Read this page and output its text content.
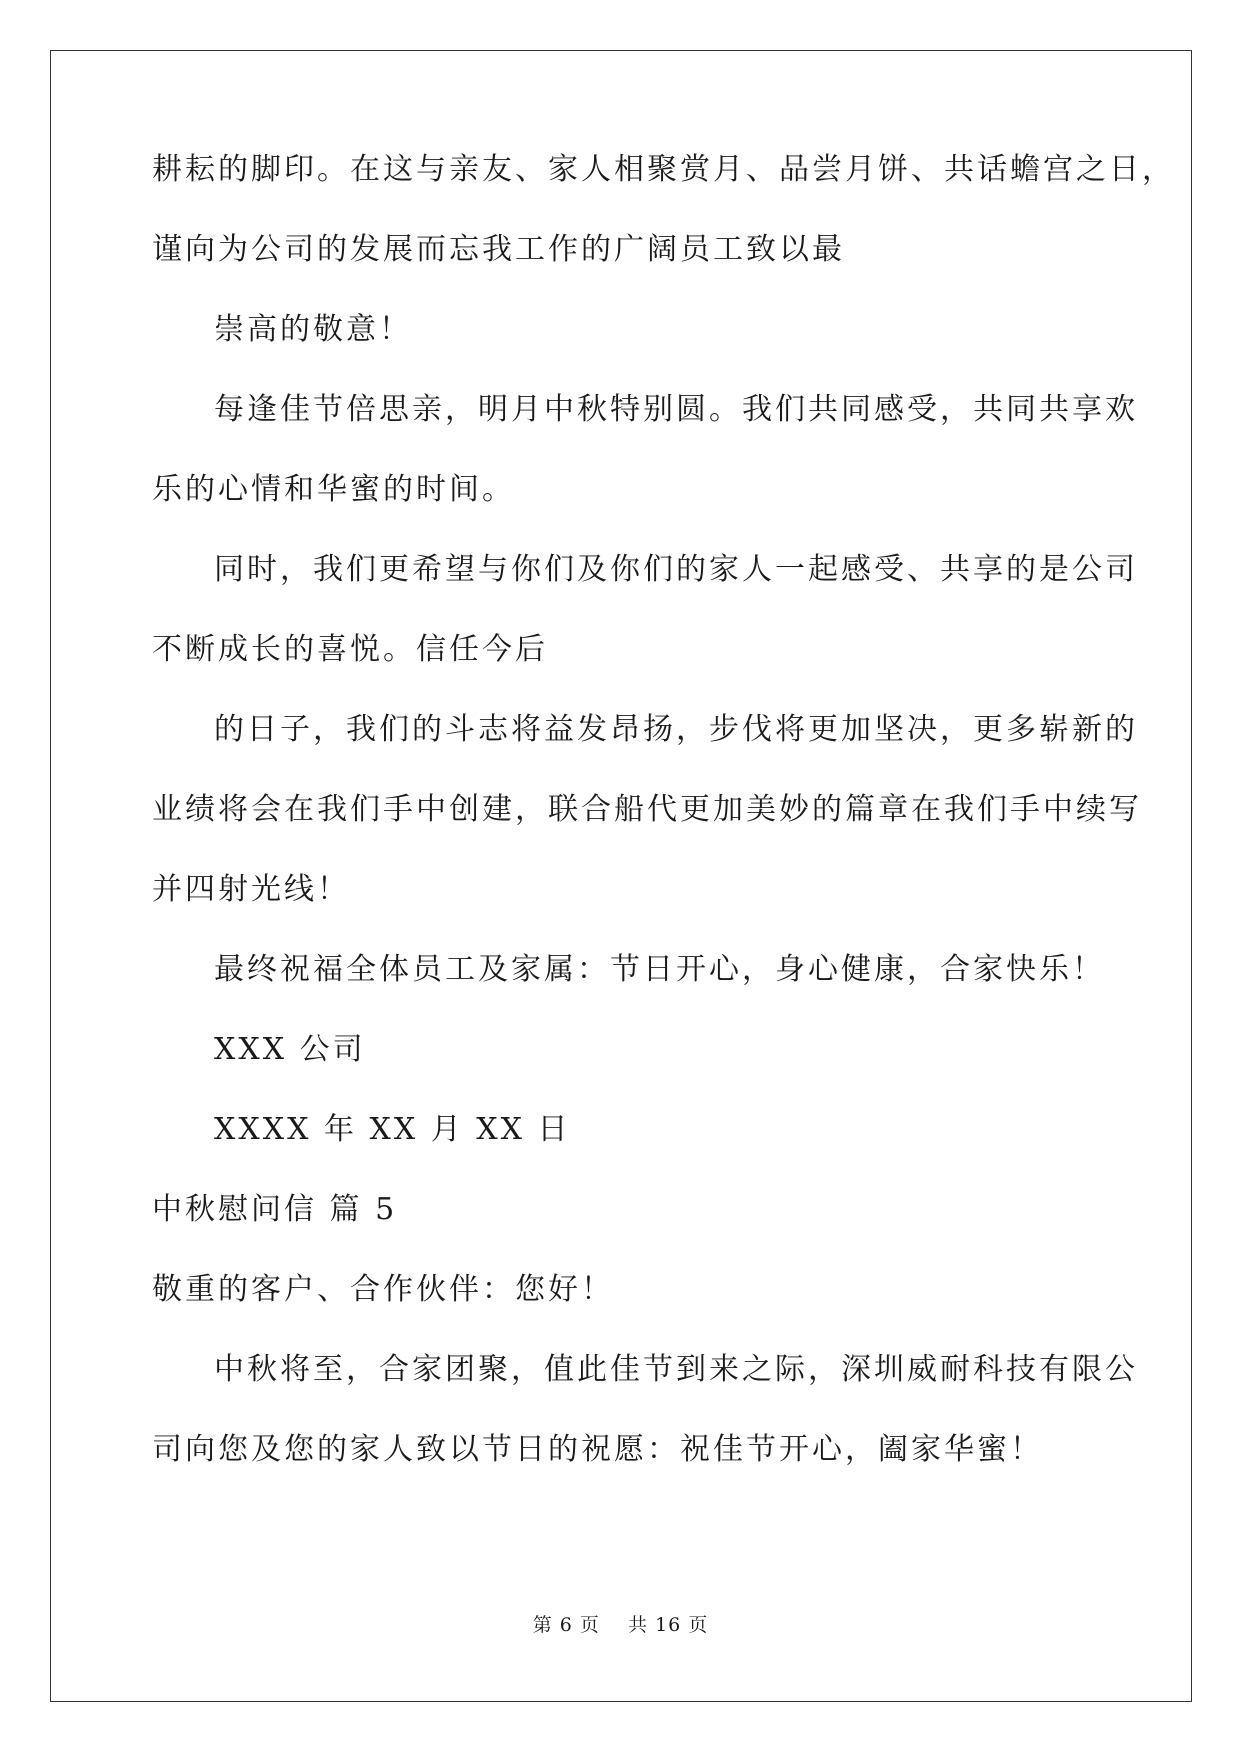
耕耘的脚印。在这与亲友、家人相聚赏月、品尝月饼、共话蟾宫之日，

谨向为公司的发展而忘我工作的广阔员工致以最

崇高的敬意！

每逢佳节倍思亲，明月中秋特别圆。我们共同感受，共同共享欢

乐的心情和华蜜的时间。

同时，我们更希望与你们及你们的家人一起感受、共享的是公司

不断成长的喜悦。信任今后

的日子，我们的斗志将益发昂扬，步伐将更加坚决，更多崭新的

业绩将会在我们手中创建，联合船代更加美妙的篇章在我们手中续写

并四射光线！

最终祝福全体员工及家属：节日开心，身心健康，合家快乐！

XXX 公司

XXXX 年 XX 月 XX 日

中秋慰问信 篇 5

敬重的客户、合作伙伴：您好！

中秋将至，合家团聚，值此佳节到来之际，深圳威耐科技有限公

司向您及您的家人致以节日的祝愿：祝佳节开心，阖家华蜜！

第 6 页    共 16 页
